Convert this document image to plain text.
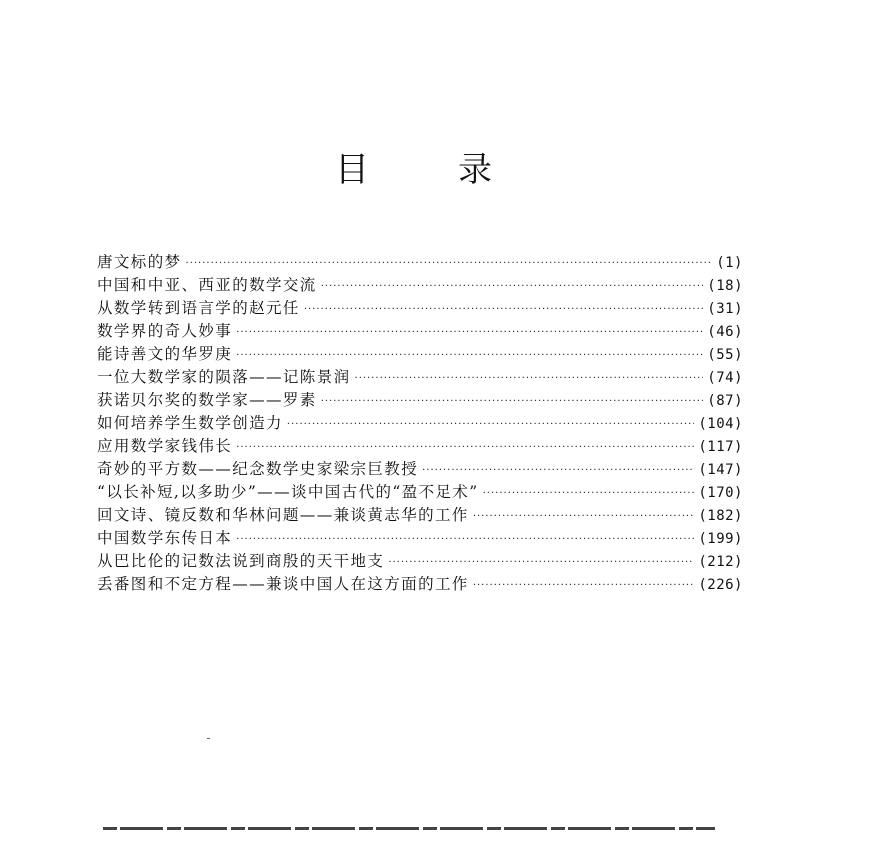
目	录
唐文标的梦 ·····	(1)
中国和中亚、西亚的数学交流 ·····	(18)
从数学转到语言学的赵元任 ·····	(31)
数学界的奇人妙事 ·····	(46)
能诗善文的华罗庚 ·····	(55)
一位大数学家的陨落——记陈景润 ·····	(74)
获诺贝尔奖的数学家——罗素 ·····	(87)
如何培养学生数学创造力 ·····	(104)
应用数学家钱伟长 ·····	(117)
奇妙的平方数——纪念数学史家梁宗巨教授 ·····	(147)
“以长补短,以多助少”——谈中国古代的“盈不足术” ·····	(170)
回文诗、镜反数和华林问题——兼谈黄志华的工作 ·····	(182)
中国数学东传日本 ·····	(199)
从巴比伦的记数法说到商殷的天干地支 ·····	(212)
丢番图和不定方程——兼谈中国人在这方面的工作 ·····	(226)
